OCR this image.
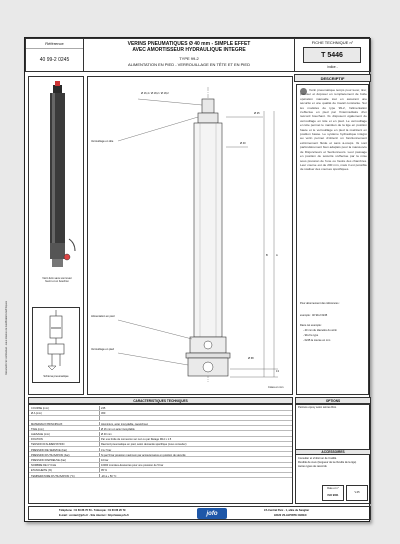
Référence
40 99-2 0245
VERINS PNEUMATIQUES Ø 40 mm - SIMPLE EFFET
AVEC AMORTISSEUR HYDRAULIQUE INTEGRE
TYPE 99-2
ALIMENTATION EN PIED - VERROUILLAGE EN TÊTE ET EN PIED
FICHE TECHNIQUE n°
T 5446
indice -
DESCRIPTIF
Vérin pneumatique temps pour lever, tirer, pousser et déposer en remplacement de boîte opération manuelle tout en assurant une sécurité et une qualité de travail constante. Sur les modèles de type 99-2, l'alimentation s'effectue en pied par l'intermédiaire d'un raccord bouchant. Ils disposent également de verrouillage en tête et en pied. Le verrouillage en tête permet le maintien de la tige en position haute et le verrouillage en pied la maintient en position basse. Le système hydraulique intégré au vérin permet d'obtenir un fonctionnement extrêmement fluide et sans à-coups. Ils sont particulièrement bien adaptés pour la manœuvre de Disjoncteurs et Sectionneurs. Leur passage en position de sécurité s'effectue par la mise sous pression de l'une ou l'autre des chambres. Leur course est de 200 mm, mais il est possible de réaliser des courses spécifiques.
Pour abonnement des références :
exemple : 40 99-2 0245
Dans cet exemple :
- 40 mm du diamètre du vérin
- 99-2 le type
- 0245 la course en mm
Vérin livré sans son levier fourni et un bouchon
Schéma pneumatique
Ø 16,4 / Ø 18,2 / Ø 18,2
Verrouillage en tête
Alimentation en pied
Verrouillage en pied
Ø 25
Ø 40
A
B
Ø 68
13
Cotes en mm
CARACTERISTIQUES TECHNIQUES	OPTIONS
COURSE (mm)	245
Ø A (mm)	360
MATERIAUX PRINCIPAUX	Aluminium, acier inoxydable, caoutchouc
TIGE (mm)	Ø 16 mm en acier inoxydable
ALESAGE (mm)	Ø 40 mm
FIXATION	Par une bride de connexion sur nez ou par filetage M14 x 1.5
TENSION D'ALIMENTATION	Raccord pneumatique en pied, selon demande spécifique (nous consulter)
PRESSION DE SERVICE (bar)	3 à 7 bar
PRESSION D'UTILISATION (bar)	Si par 5 bar pression maximum par accoutumance en position de sécurité
PRESSION D'EPREUVE (bar)	10 bar
NOMBRE DE CYCLE	10000 montées-descentes pour une pression de 5 bar
ETANCHEITE (%)	95 %
TEMPERATURE D'UTILISATION (°C)	-20 à + 50 °C
Peinture époxy selon teintes RAL
ACCESSOIRES
Consulter et s'informer de l'outillé.
Flexible de cuve (longueur de la cheville de la tige)
Autres types de raccords
Date et n°
ISO 9001
V.45
Téléphone : 01 60 86 76 53 - Télécopie : 01 60 86 26 79
E-mail : contact@jofo.fr - Site internet : http://www.jofo.fr
ZA Central Parc - 1, allée du Sanglier
93420 VILLEPINTE CEDEX
jofo
Document non contractuel - sous réserve de modifications techniques
